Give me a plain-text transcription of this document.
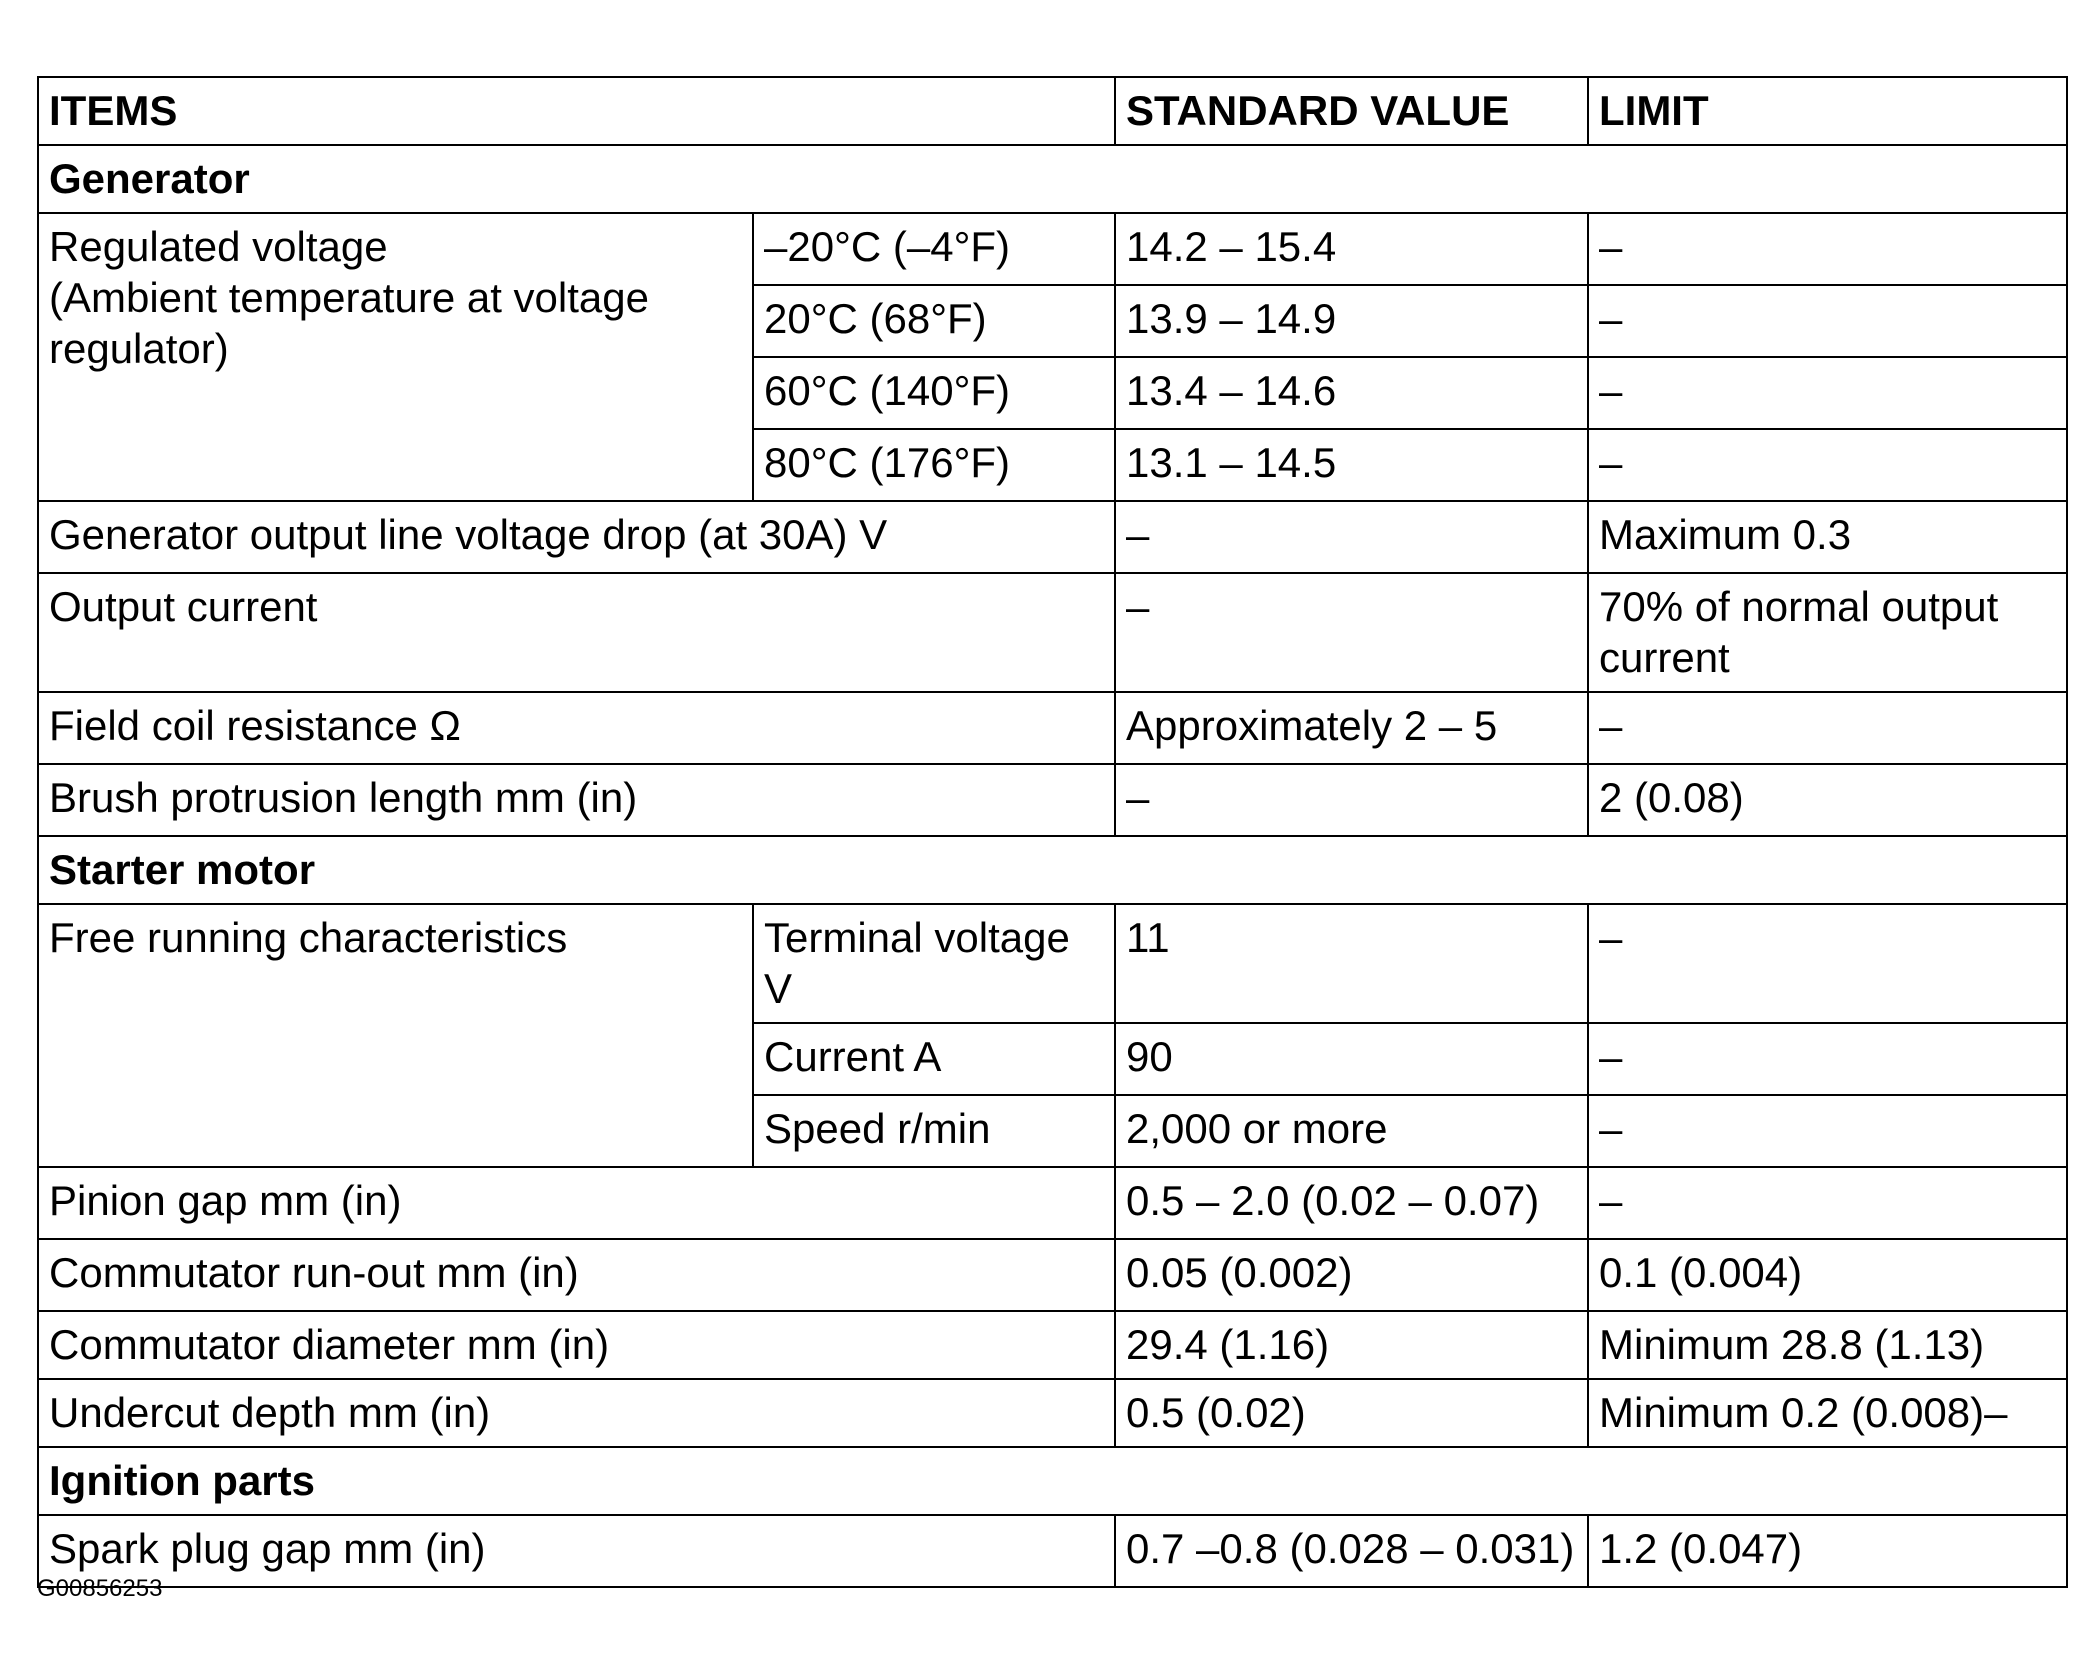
ITEMS		STANDARD VALUE	LIMIT
Generator			
Regulated voltage
(Ambient temperature at voltage regulator)	–20°C (–4°F)	14.2 – 15.4	–
	20°C (68°F)	13.9 – 14.9	–
	60°C (140°F)	13.4 – 14.6	–
	80°C (176°F)	13.1 – 14.5	–
Generator output line voltage drop (at 30A) V		–	Maximum 0.3
Output current		–	70% of normal output current
Field coil resistance Ω		Approximately 2 – 5	–
Brush protrusion length mm (in)		–	2 (0.08)
Starter motor			
Free running characteristics	Terminal voltage V	11	–
	Current A	90	–
	Speed r/min	2,000 or more	–
Pinion gap mm (in)		0.5 – 2.0 (0.02 – 0.07)	–
Commutator run-out mm (in)		0.05 (0.002)	0.1 (0.004)
Commutator diameter mm (in)		29.4 (1.16)	Minimum 28.8 (1.13)
Undercut depth mm (in)		0.5 (0.02)	Minimum 0.2 (0.008)–
Ignition parts			
Spark plug gap mm (in)		0.7 –0.8 (0.028 – 0.031)	1.2 (0.047)
G00856253
